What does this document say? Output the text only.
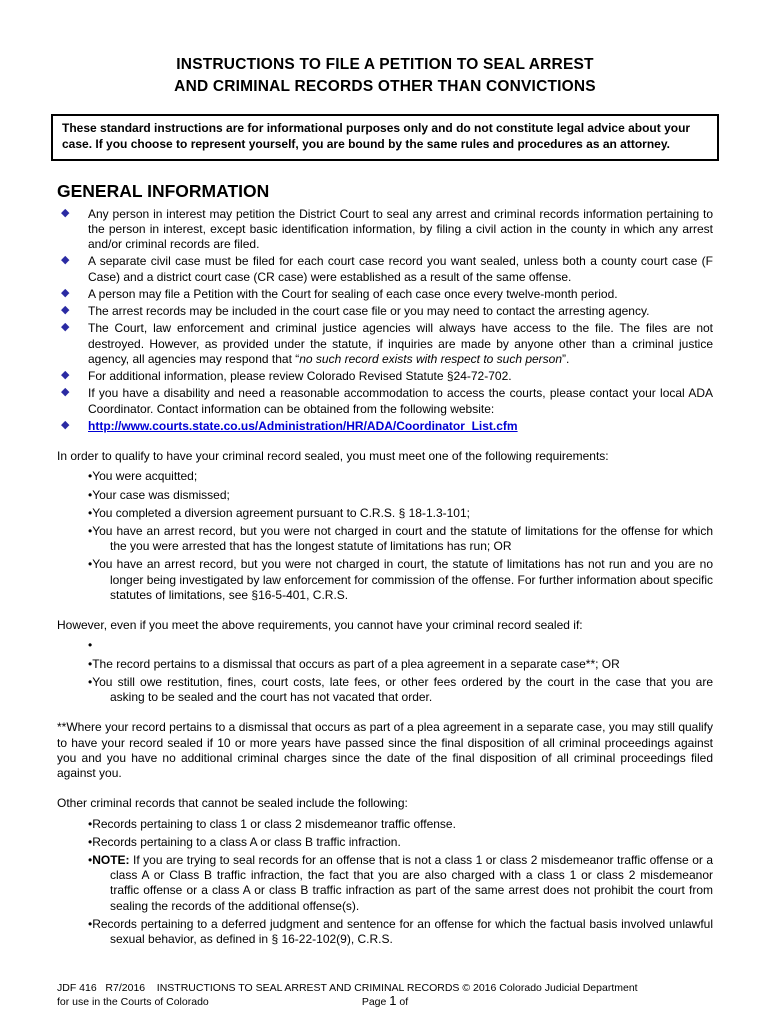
INSTRUCTIONS TO FILE A PETITION TO SEAL ARREST
AND CRIMINAL RECORDS OTHER THAN CONVICTIONS
These standard instructions are for informational purposes only and do not constitute legal advice about your case. If you choose to represent yourself, you are bound by the same rules and procedures as an attorney.
GENERAL INFORMATION
◆ Any person in interest may petition the District Court to seal any arrest and criminal records information pertaining to the person in interest, except basic identification information, by filing a civil action in the county in which any arrest and/or criminal records are filed.
◆ A separate civil case must be filed for each court case record you want sealed, unless both a county court case (F Case) and a district court case (CR case) were established as a result of the same offense.
◆ A person may file a Petition with the Court for sealing of each case once every twelve-month period.
◆ The arrest records may be included in the court case file or you may need to contact the arresting agency.
◆ The Court, law enforcement and criminal justice agencies will always have access to the file. The files are not destroyed. However, as provided under the statute, if inquiries are made by anyone other than a criminal justice agency, all agencies may respond that “no such record exists with respect to such person”.
◆ For additional information, please review Colorado Revised Statute §24-72-702.
◆ If you have a disability and need a reasonable accommodation to access the courts, please contact your local ADA Coordinator. Contact information can be obtained from the following website:
◆ http://www.courts.state.co.us/Administration/HR/ADA/Coordinator_List.cfm

In order to qualify to have your criminal record sealed, you must meet one of the following requirements:

•You were acquitted;
•Your case was dismissed;
•You completed a diversion agreement pursuant to C.R.S. § 18-1.3-101;
•You have an arrest record, but you were not charged in court and the statute of limitations for the offense for which the you were arrested that has the longest statute of limitations has run; OR
•You have an arrest record, but you were not charged in court, the statute of limitations has not run and you are no longer being investigated by law enforcement for commission of the offense. For further information about specific statutes of limitations, see §16-5-401, C.R.S.

However, even if you meet the above requirements, you cannot have your criminal record sealed if:

•
•The record pertains to a dismissal that occurs as part of a plea agreement in a separate case**; OR
•You still owe restitution, fines, court costs, late fees, or other fees ordered by the court in the case that you are asking to be sealed and the court has not vacated that order.

**Where your record pertains to a dismissal that occurs as part of a plea agreement in a separate case, you may still qualify to have your record sealed if 10 or more years have passed since the final disposition of all criminal proceedings against you and you have no additional criminal charges since the date of the final disposition of all criminal proceedings filed against you.

Other criminal records that cannot be sealed include the following:

•Records pertaining to class 1 or class 2 misdemeanor traffic offense.
•Records pertaining to a class A or class B traffic infraction.
•NOTE: If you are trying to seal records for an offense that is not a class 1 or class 2 misdemeanor traffic offense or a class A or Class B traffic infraction, the fact that you are also charged with a class 1 or class 2 misdemeanor traffic offense or a class A or class B traffic infraction as part of the same arrest does not prohibit the court from sealing the records of the additional offense(s).
•Records pertaining to a deferred judgment and sentence for an offense for which the factual basis involved unlawful sexual behavior, as defined in § 16-22-102(9), C.R.S.
JDF 416   R7/2016    INSTRUCTIONS TO SEAL ARREST AND CRIMINAL RECORDS © 2016 Colorado Judicial Department
for use in the Courts of Colorado	Page 1 of
